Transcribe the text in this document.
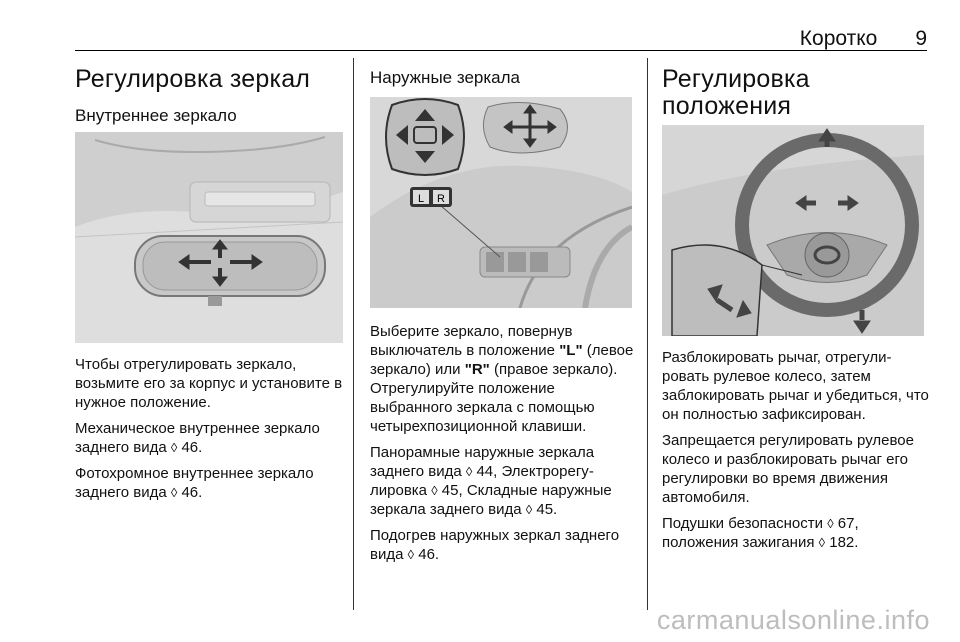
Коротко 9
Регулировка зеркал
Внутреннее зеркало

Чтобы отрегулировать зеркало, возьмите его за корпус и установите в нужное положение.

Механическое внутреннее зеркало заднего вида ◊ 46.

Фотохромное внутреннее зеркало заднего вида ◊ 46.

Наружные зеркала
L R

Выберите зеркало, повернув выключатель в положение "L" (левое зеркало) или "R" (правое зеркало). Отрегулируйте положение выбранного зеркала с помощью четырехпозиционной клавиши.

Панорамные наружные зеркала заднего вида ◊ 44, Электрорегулировка ◊ 45, Складные наружные зеркала заднего вида ◊ 45.

Подогрев наружных зеркал заднего вида ◊ 46.

Регулировка положения

Разблокировать рычаг, отрегулировать рулевое колесо, затем заблокировать рычаг и убедиться, что он полностью зафиксирован.

Запрещается регулировать рулевое колесо и разблокировать рычаг его регулировки во время движения автомобиля.

Подушки безопасности ◊ 67, положения зажигания ◊ 182.

carmanualsonline.info
